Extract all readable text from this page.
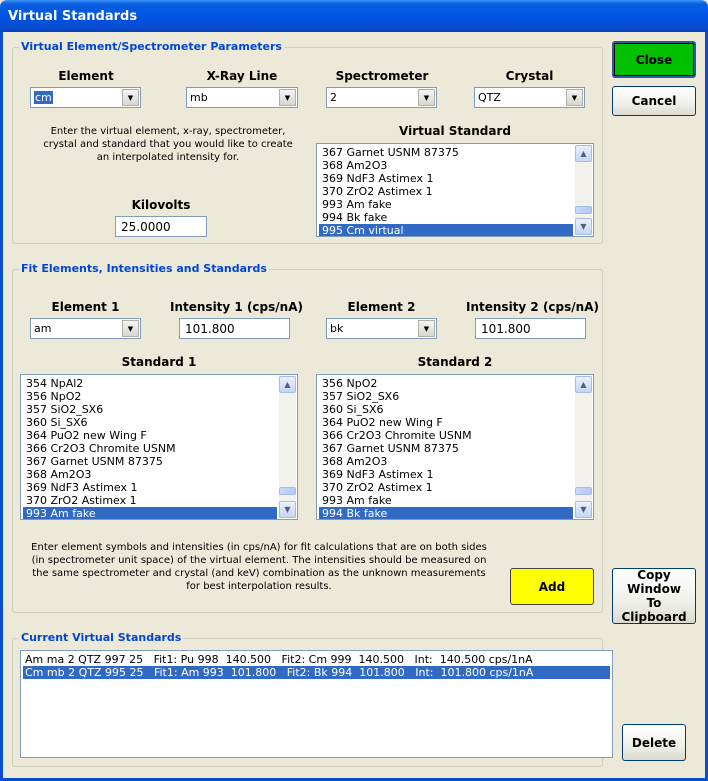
Virtual Standards
Virtual Element/Spectrometer Parameters
Element
cm	▼
X-Ray Line
mb	▼
Spectrometer
2	▼
Crystal
QTZ	▼
Enter the virtual element, x-ray, spectrometer, crystal and standard that you would like to create an interpolated intensity for.
Kilovolts
25.0000
Virtual Standard
367 Garnet USNM 87375
368 Am2O3
369 NdF3 Astimex 1
370 ZrO2 Astimex 1
993 Am fake
994 Bk fake
995 Cm virtual
▲
▼
Close
Cancel
Fit Elements, Intensities and Standards
Element 1
am	▼
Intensity 1 (cps/nA)
101.800
Element 2
bk	▼
Intensity 2 (cps/nA)
101.800
Standard 1
354 NpAl2
356 NpO2
357 SiO2_SX6
360 Si_SX6
364 PuO2 new Wing F
366 Cr2O3 Chromite USNM
367 Garnet USNM 87375
368 Am2O3
369 NdF3 Astimex 1
370 ZrO2 Astimex 1
993 Am fake
▲
▼
Standard 2
356 NpO2
357 SiO2_SX6
360 Si_SX6
364 PuO2 new Wing F
366 Cr2O3 Chromite USNM
367 Garnet USNM 87375
368 Am2O3
369 NdF3 Astimex 1
370 ZrO2 Astimex 1
993 Am fake
994 Bk fake
▲
▼
Enter element symbols and intensities (in cps/nA) for fit calculations that are on both sides (in spectrometer unit space) of the virtual element. The intensities should be measured on the same spectrometer and crystal (and keV) combination as the unknown measurements for best interpolation results.	Add
Copy Window To Clipboard
Current Virtual Standards
Am ma 2 QTZ 997 25   Fit1: Pu 998  140.500   Fit2: Cm 999  140.500   Int:  140.500 cps/1nA
Cm mb 2 QTZ 995 25   Fit1: Am 993  101.800   Fit2: Bk 994  101.800   Int:  101.800 cps/1nA
Delete
